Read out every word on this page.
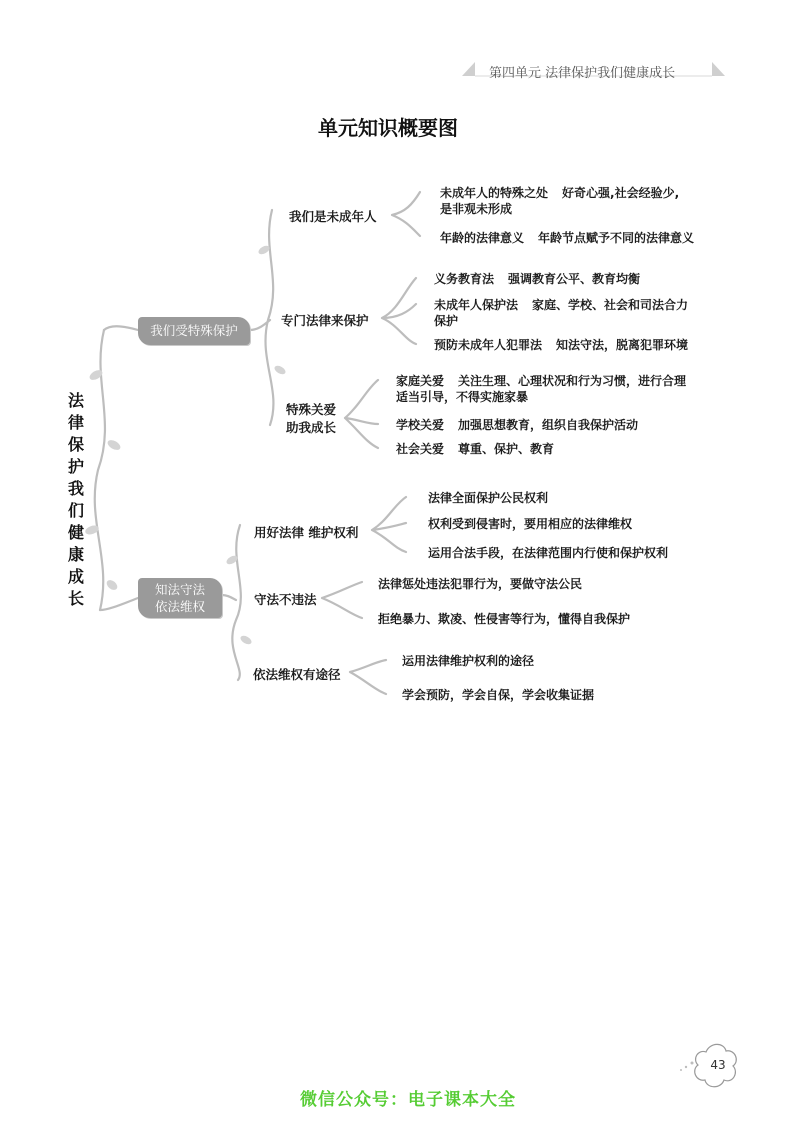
第四单元 法律保护我们健康成长
单元知识概要图
法律保护我们健康成长
我们受特殊保护
我们是未成年人
未成年人的特殊之处 好奇心强,社会经验少,
是非观未形成
年龄的法律意义 年龄节点赋予不同的法律意义
专门法律来保护
义务教育法 强调教育公平、教育均衡
未成年人保护法 家庭、学校、社会和司法合力
保护
预防未成年人犯罪法 知法守法，脱离犯罪环境
特殊关爱
助我成长
家庭关爱 关注生理、心理状况和行为习惯，进行合理
适当引导，不得实施家暴
学校关爱 加强思想教育，组织自我保护活动
社会关爱 尊重、保护、教育
知法守法
依法维权
用好法律 维护权利
法律全面保护公民权利
权利受到侵害时，要用相应的法律维权
运用合法手段，在法律范围内行使和保护权利
守法不违法
法律惩处违法犯罪行为，要做守法公民
拒绝暴力、欺凌、性侵害等行为，懂得自我保护
依法维权有途径
运用法律维护权利的途径
学会预防，学会自保，学会收集证据
43
微信公众号：电子课本大全
